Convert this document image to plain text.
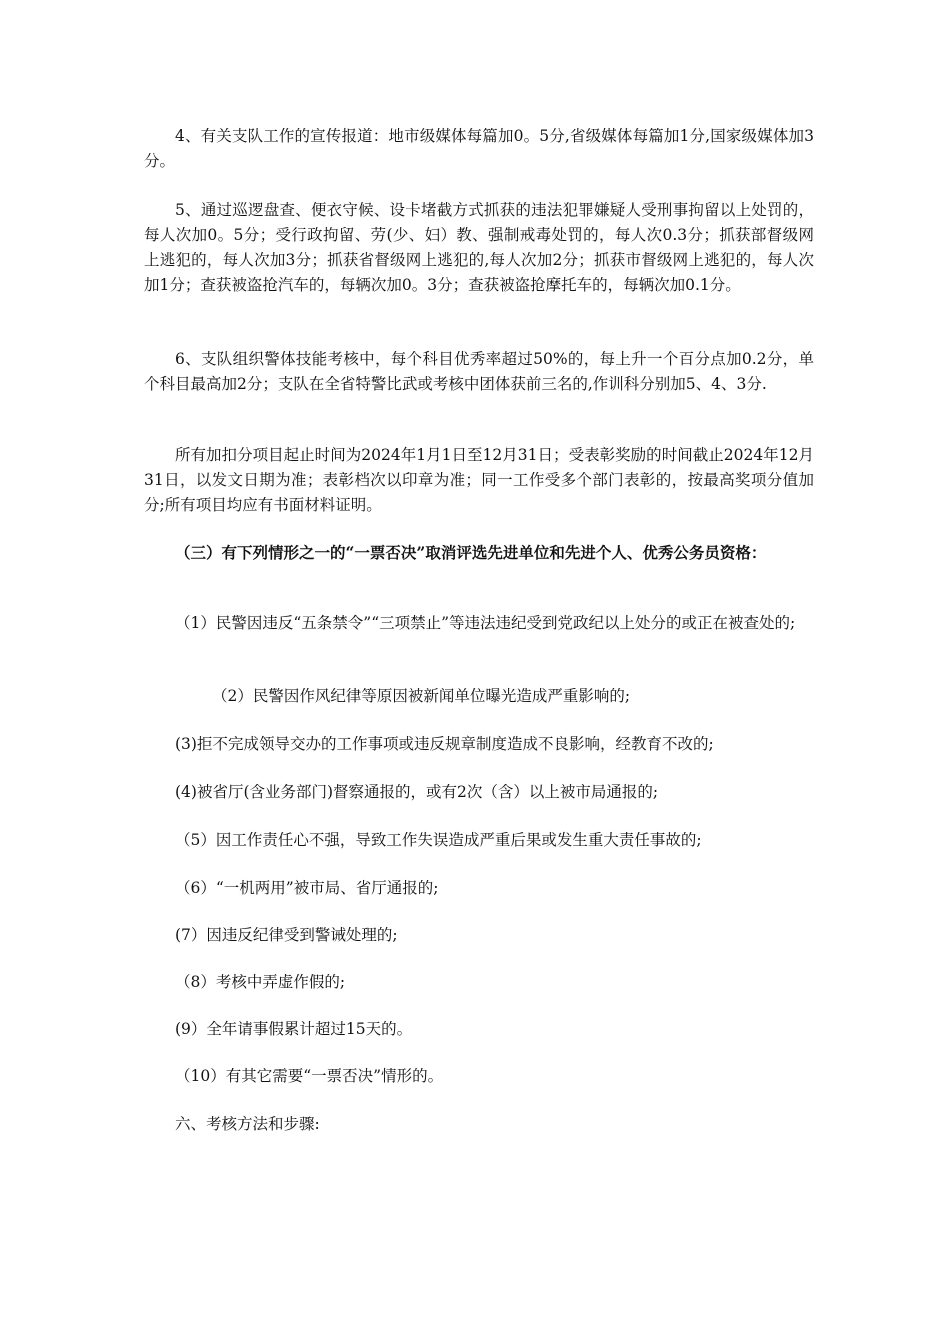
4、有关支队工作的宣传报道：地市级媒体每篇加0。5分,省级媒体每篇加1分,国家级媒体加3分。

5、通过巡逻盘查、便衣守候、设卡堵截方式抓获的违法犯罪嫌疑人受刑事拘留以上处罚的，每人次加0。5分；受行政拘留、劳(少、妇）教、强制戒毒处罚的，每人次0.3分；抓获部督级网上逃犯的，每人次加3分；抓获省督级网上逃犯的,每人次加2分；抓获市督级网上逃犯的，每人次加1分；查获被盗抢汽车的，每辆次加0。3分；查获被盗抢摩托车的，每辆次加0.1分。

6、支队组织警体技能考核中，每个科目优秀率超过50%的，每上升一个百分点加0.2分，单个科目最高加2分；支队在全省特警比武或考核中团体获前三名的,作训科分别加5、4、3分.

所有加扣分项目起止时间为2024年1月1日至12月31日；受表彰奖励的时间截止2024年12月31日，以发文日期为准；表彰档次以印章为准；同一工作受多个部门表彰的，按最高奖项分值加分;所有项目均应有书面材料证明。

（三）有下列情形之一的“一票否决”取消评选先进单位和先进个人、优秀公务员资格：

（1）民警因违反“五条禁令”“三项禁止”等违法违纪受到党政纪以上处分的或正在被查处的;

（2）民警因作风纪律等原因被新闻单位曝光造成严重影响的;

(3)拒不完成领导交办的工作事项或违反规章制度造成不良影响，经教育不改的;

(4)被省厅(含业务部门)督察通报的，或有2次（含）以上被市局通报的;

（5）因工作责任心不强，导致工作失误造成严重后果或发生重大责任事故的;

（6）“一机两用”被市局、省厅通报的;

(7）因违反纪律受到警诫处理的;

（8）考核中弄虚作假的;

(9）全年请事假累计超过15天的。

（10）有其它需要“一票否决”情形的。

六、考核方法和步骤:
